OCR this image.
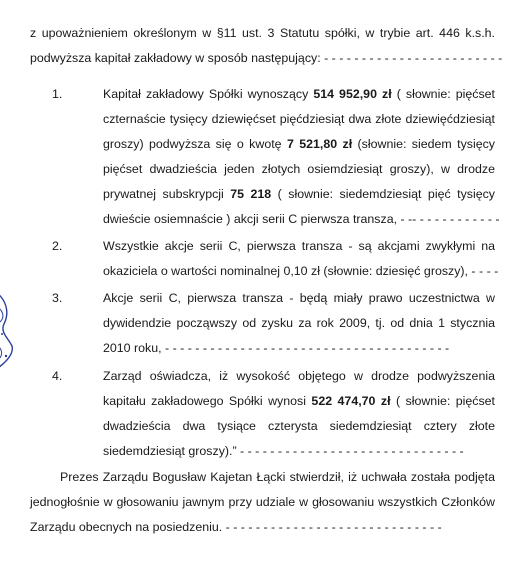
z upoważnieniem określonym w §11 ust. 3 Statutu spółki, w trybie art. 446 k.s.h.
podwyższa kapitał zakładowy w sposób następujący: - - - - - - - - - - - - - - - - - - - - - - - -
1.	Kapitał zakładowy Spółki wynoszący 514 952,90 zł ( słownie: pięćset
czternaście tysięcy dziewięćset pięćdziesiąt dwa złote dziewięćdziesiąt
groszy) podwyższa się o kwotę 7 521,80 zł (słownie: siedem tysięcy
pięćset dwadzieścia jeden złotych osiemdziesiąt groszy), w drodze
prywatnej subskrypcji 75 218 ( słownie: siedemdziesiąt pięć tysięcy
dwieście osiemnaście ) akcji serii C pierwsza transza, - -- - - - - - - - - - - -
2.	Wszystkie akcje serii C, pierwsza transza - są akcjami zwykłymi na
okaziciela o wartości nominalnej 0,10 zł (słownie: dziesięć groszy), - - - -
3.	Akcje serii C, pierwsza transza - będą miały prawo uczestnictwa w
dywidendzie począwszy od zysku za rok 2009, tj. od dnia 1 stycznia
2010 roku, - - - - - - - - - - - - - - - - - - - - - - - - - - - - - - - - - - - - - -
4.	Zarząd oświadcza, iż wysokość objętego w drodze podwyższenia
kapitału zakładowego Spółki wynosi 522 474,70 zł ( słownie: pięćset
dwadzieścia dwa tysiące czterysta siedemdziesiąt cztery złote
siedemdziesiąt groszy).” - - - - - - - - - - - - - - - - - - - - - - - - - - - - - -
Prezes Zarządu Bogusław Kajetan Łącki stwierdził, iż uchwała została podjęta
jednogłośnie w głosowaniu jawnym przy udziale w głosowaniu wszystkich Członków
Zarządu obecnych na posiedzeniu. - - - - - - - - - - - - - - - - - - - - - - - - - - - - -
